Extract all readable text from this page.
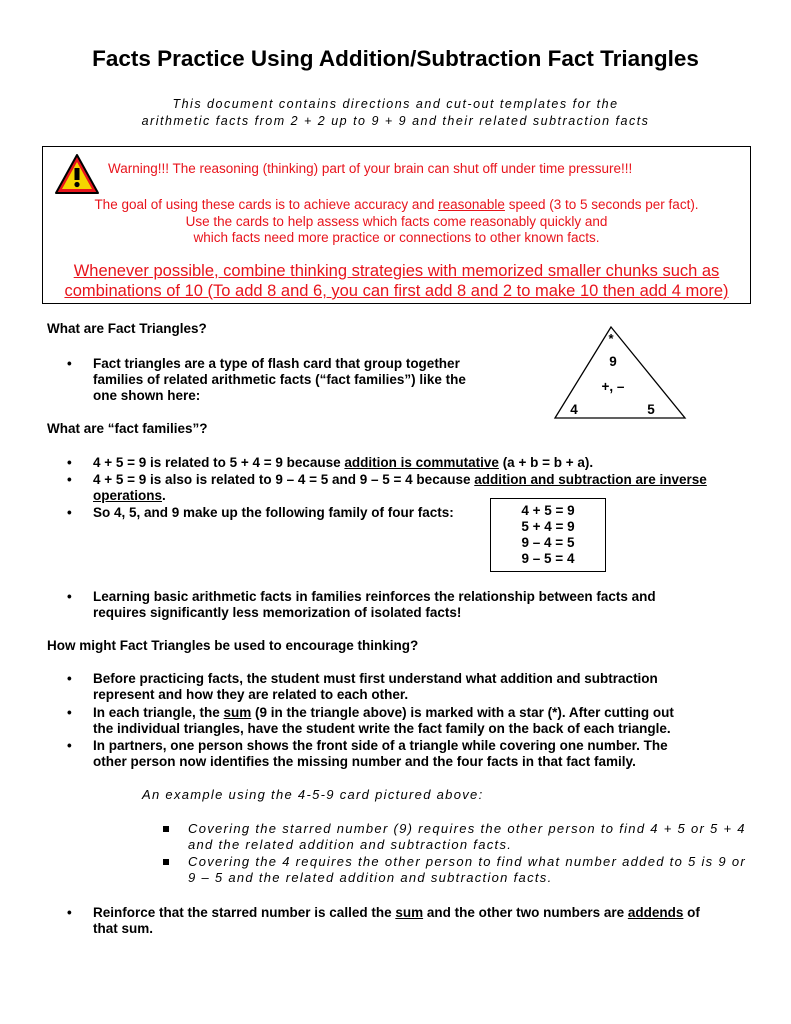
Facts Practice Using Addition/Subtraction Fact Triangles
This document contains directions and cut-out templates for the
arithmetic facts from 2 + 2 up to 9 + 9 and their related subtraction facts
Warning!!! The reasoning (thinking) part of your brain can shut off under time pressure!!!
The goal of using these cards is to achieve accuracy and reasonable speed (3 to 5 seconds per fact).
Use the cards to help assess which facts come reasonably quickly and
which facts need more practice or connections to other known facts.
Whenever possible, combine thinking strategies with memorized smaller chunks such as
combinations of 10 (To add 8 and 6, you can first add 8 and 2 to make 10 then add 4 more)
What are Fact Triangles?
• Fact triangles are a type of flash card that group together
families of related arithmetic facts (“fact families”) like the
one shown here:
*
9
+, –
4	5
What are “fact families”?
• 4 + 5 = 9 is related to 5 + 4 = 9 because addition is commutative (a + b = b + a).
• 4 + 5 = 9 is also is related to 9 – 4 = 5 and 9 – 5 = 4 because addition and subtraction are inverse
operations.
• So 4, 5, and 9 make up the following family of four facts:	4 + 5 = 9
5 + 4 = 9
9 – 4 = 5
9 – 5 = 4
• Learning basic arithmetic facts in families reinforces the relationship between facts and
requires significantly less memorization of isolated facts!
How might Fact Triangles be used to encourage thinking?
• Before practicing facts, the student must first understand what addition and subtraction
represent and how they are related to each other.
• In each triangle, the sum (9 in the triangle above) is marked with a star (*). After cutting out
the individual triangles, have the student write the fact family on the back of each triangle.
• In partners, one person shows the front side of a triangle while covering one number. The
other person now identifies the missing number and the four facts in that fact family.
An example using the 4-5-9 card pictured above:
Covering the starred number (9) requires the other person to find 4 + 5 or 5 + 4
and the related addition and subtraction facts.
Covering the 4 requires the other person to find what number added to 5 is 9 or
9 – 5 and the related addition and subtraction facts.
• Reinforce that the starred number is called the sum and the other two numbers are addends of
that sum.
